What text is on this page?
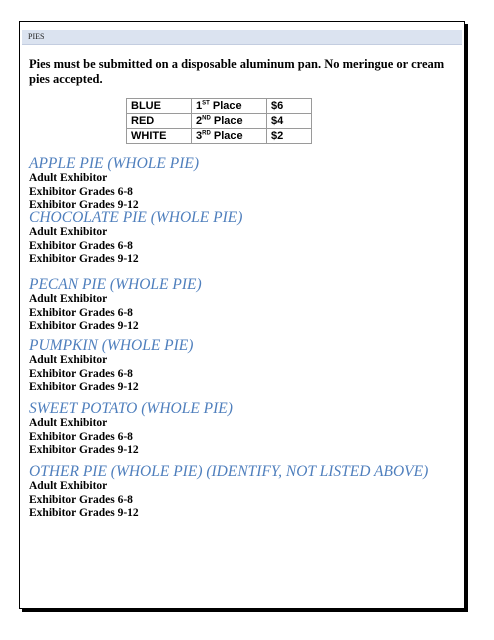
PIES
Pies must be submitted on a disposable aluminum pan. No meringue or cream pies accepted.
BLUE	1ST Place	$6
RED	2ND Place	$4
WHITE	3RD Place	$2
APPLE PIE (WHOLE PIE)
Adult Exhibitor
Exhibitor Grades 6-8
Exhibitor Grades 9-12
CHOCOLATE PIE (WHOLE PIE)
Adult Exhibitor
Exhibitor Grades 6-8
Exhibitor Grades 9-12
PECAN PIE (WHOLE PIE)
Adult Exhibitor
Exhibitor Grades 6-8
Exhibitor Grades 9-12
PUMPKIN (WHOLE PIE)
Adult Exhibitor
Exhibitor Grades 6-8
Exhibitor Grades 9-12
SWEET POTATO (WHOLE PIE)
Adult Exhibitor
Exhibitor Grades 6-8
Exhibitor Grades 9-12
OTHER PIE (WHOLE PIE) (IDENTIFY, NOT LISTED ABOVE)
Adult Exhibitor
Exhibitor Grades 6-8
Exhibitor Grades 9-12
